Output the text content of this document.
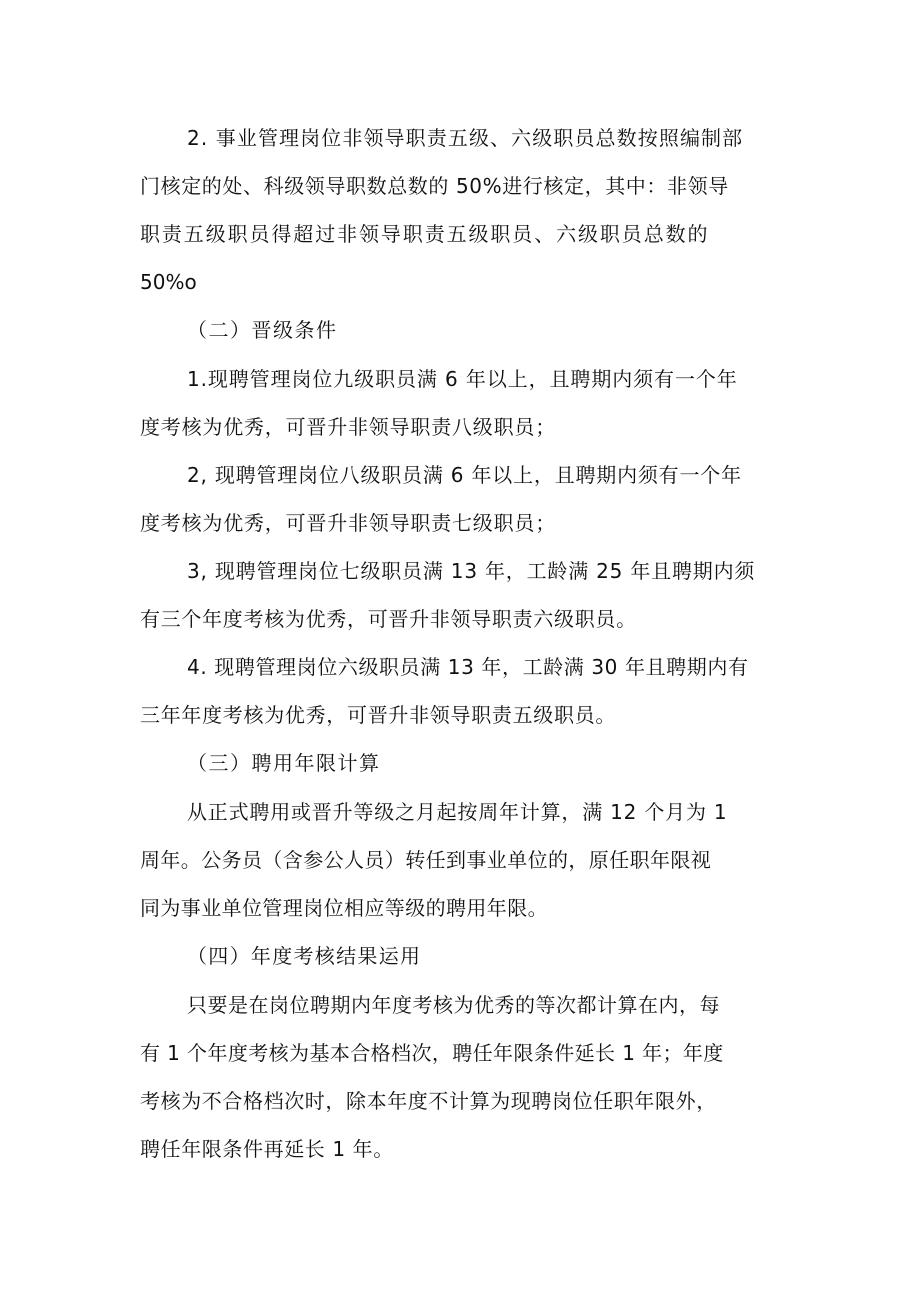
2. 事业管理岗位非领导职责五级、六级职员总数按照编制部
门核定的处、科级领导职数总数的 50%进行核定，其中：非领导
职责五级职员得超过非领导职责五级职员、六级职员总数的
50%o
（二）晋级条件
1.现聘管理岗位九级职员满 6 年以上，且聘期内须有一个年
度考核为优秀，可晋升非领导职责八级职员；
2, 现聘管理岗位八级职员满 6 年以上，且聘期内须有一个年
度考核为优秀，可晋升非领导职责七级职员；
3, 现聘管理岗位七级职员满 13 年，工龄满 25 年且聘期内须
有三个年度考核为优秀，可晋升非领导职责六级职员。
4. 现聘管理岗位六级职员满 13 年，工龄满 30 年且聘期内有
三年年度考核为优秀，可晋升非领导职责五级职员。
（三）聘用年限计算
从正式聘用或晋升等级之月起按周年计算，满 12 个月为 1
周年。公务员（含参公人员）转任到事业单位的，原任职年限视
同为事业单位管理岗位相应等级的聘用年限。
（四）年度考核结果运用
只要是在岗位聘期内年度考核为优秀的等次都计算在内，每
有 1 个年度考核为基本合格档次，聘任年限条件延长 1 年；年度
考核为不合格档次时，除本年度不计算为现聘岗位任职年限外，
聘任年限条件再延长 1 年。
